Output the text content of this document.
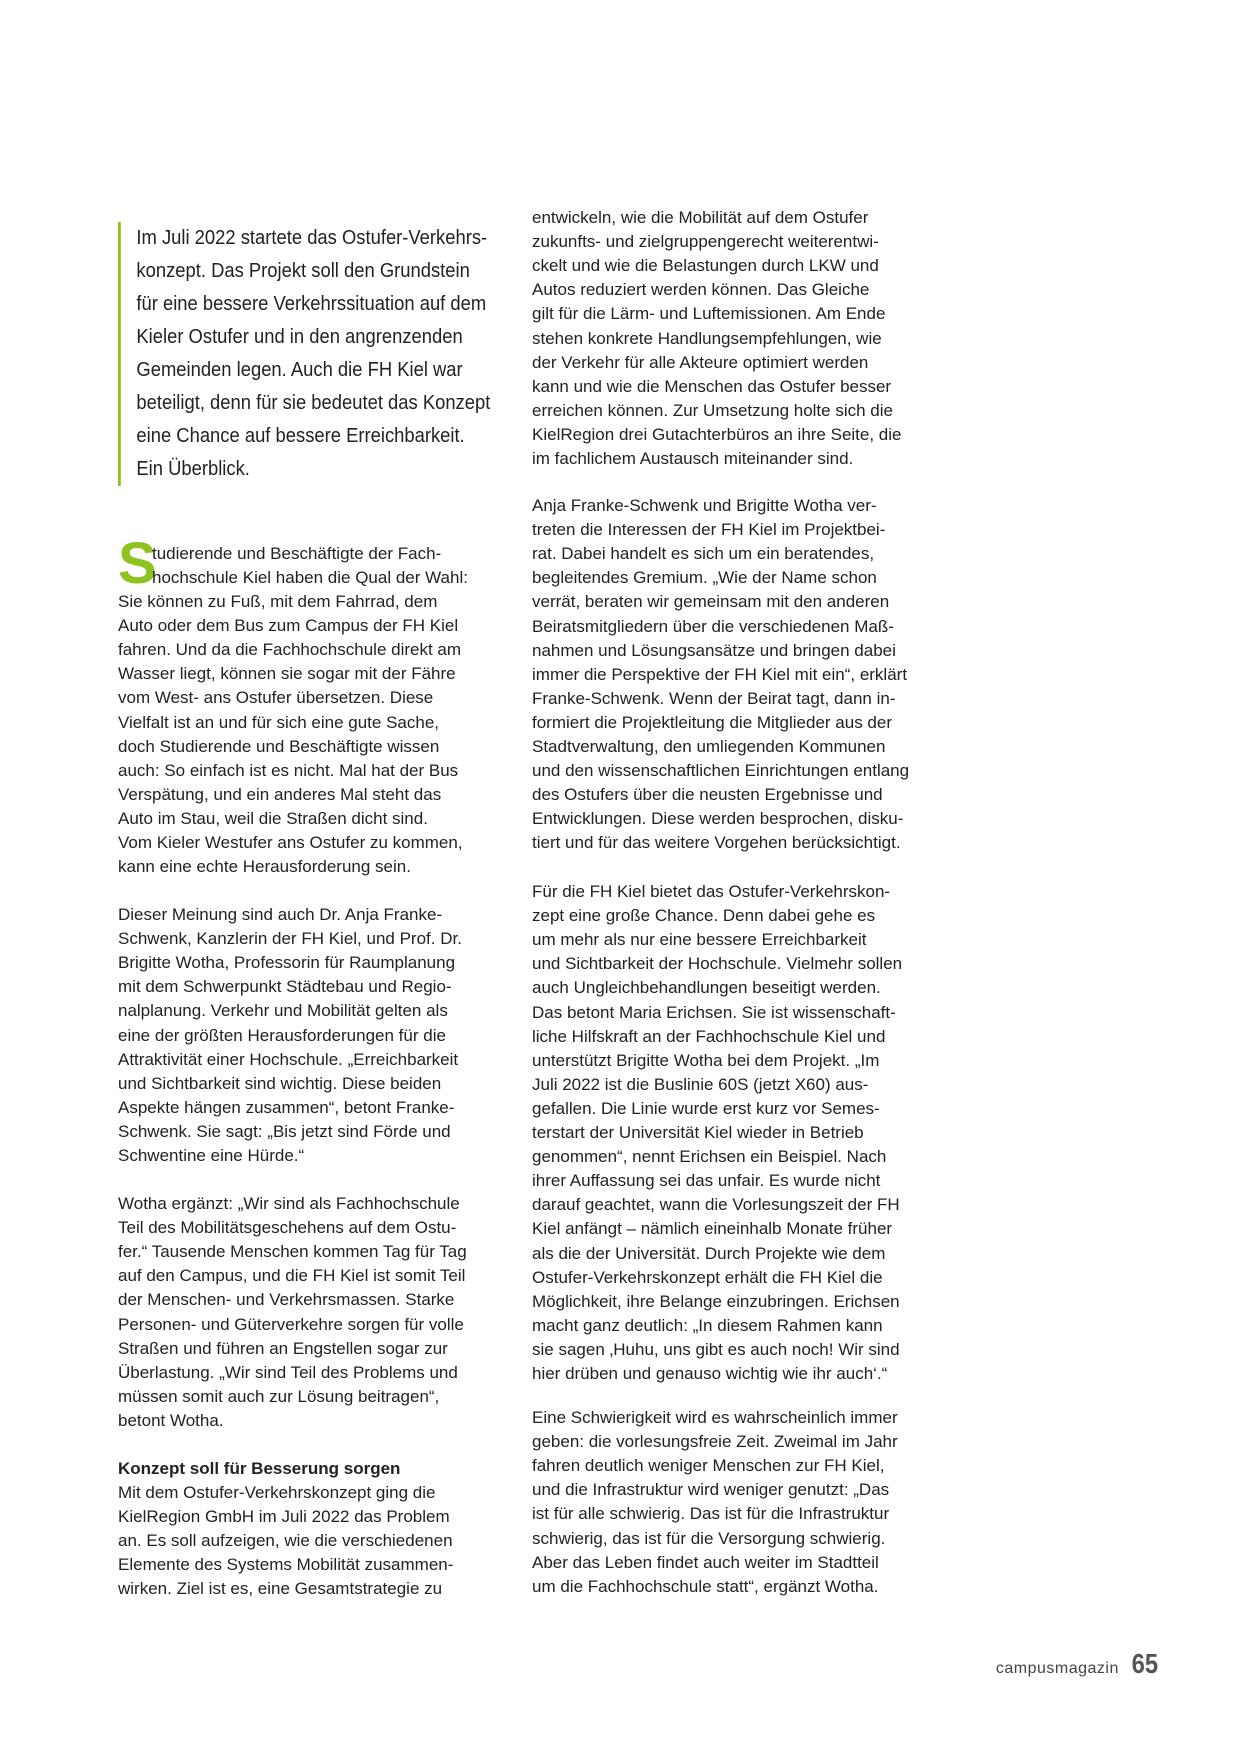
Im Juli 2022 startete das Ostufer-Verkehrs-
konzept. Das Projekt soll den Grundstein
für eine bessere Verkehrssituation auf dem
Kieler Ostufer und in den angrenzenden
Gemeinden legen. Auch die FH Kiel war
beteiligt, denn für sie bedeutet das Konzept
eine Chance auf bessere Erreichbarkeit.
Ein Überblick.
S
tudierende und Beschäftigte der Fach-
hochschule Kiel haben die Qual der Wahl:
Sie können zu Fuß, mit dem Fahrrad, dem
Auto oder dem Bus zum Campus der FH Kiel
fahren. Und da die Fachhochschule direkt am
Wasser liegt, können sie sogar mit der Fähre
vom West- ans Ostufer übersetzen. Diese
Vielfalt ist an und für sich eine gute Sache,
doch Studierende und Beschäftigte wissen
auch: So einfach ist es nicht. Mal hat der Bus
Verspätung, und ein anderes Mal steht das
Auto im Stau, weil die Straßen dicht sind.
Vom Kieler Westufer ans Ostufer zu kommen,
kann eine echte Herausforderung sein.
Dieser Meinung sind auch Dr. Anja Franke-
Schwenk, Kanzlerin der FH Kiel, und Prof. Dr.
Brigitte Wotha, Professorin für Raumplanung
mit dem Schwerpunkt Städtebau und Regio-
nalplanung. Verkehr und Mobilität gelten als
eine der größten Herausforderungen für die
Attraktivität einer Hochschule. „Erreichbarkeit
und Sichtbarkeit sind wichtig. Diese beiden
Aspekte hängen zusammen“, betont Franke-
Schwenk. Sie sagt: „Bis jetzt sind Förde und
Schwentine eine Hürde.“
Wotha ergänzt: „Wir sind als Fachhochschule
Teil des Mobilitätsgeschehens auf dem Ostu-
fer.“ Tausende Menschen kommen Tag für Tag
auf den Campus, und die FH Kiel ist somit Teil
der Menschen- und Verkehrsmassen. Starke
Personen- und Güterverkehre sorgen für volle
Straßen und führen an Engstellen sogar zur
Überlastung. „Wir sind Teil des Problems und
müssen somit auch zur Lösung beitragen“,
betont Wotha.
Konzept soll für Besserung sorgen
Mit dem Ostufer-Verkehrskonzept ging die
KielRegion GmbH im Juli 2022 das Problem
an. Es soll aufzeigen, wie die verschiedenen
Elemente des Systems Mobilität zusammen-
wirken. Ziel ist es, eine Gesamtstrategie zu
entwickeln, wie die Mobilität auf dem Ostufer
zukunfts- und zielgruppengerecht weiterentwi-
ckelt und wie die Belastungen durch LKW und
Autos reduziert werden können. Das Gleiche
gilt für die Lärm- und Luftemissionen. Am Ende
stehen konkrete Handlungsempfehlungen, wie
der Verkehr für alle Akteure optimiert werden
kann und wie die Menschen das Ostufer besser
erreichen können. Zur Umsetzung holte sich die
KielRegion drei Gutachterbüros an ihre Seite, die
im fachlichem Austausch miteinander sind.
Anja Franke-Schwenk und Brigitte Wotha ver-
treten die Interessen der FH Kiel im Projektbei-
rat. Dabei handelt es sich um ein beratendes,
begleitendes Gremium. „Wie der Name schon
verrät, beraten wir gemeinsam mit den anderen
Beiratsmitgliedern über die verschiedenen Maß-
nahmen und Lösungsansätze und bringen dabei
immer die Perspektive der FH Kiel mit ein“, erklärt
Franke-Schwenk. Wenn der Beirat tagt, dann in-
formiert die Projektleitung die Mitglieder aus der
Stadtverwaltung, den umliegenden Kommunen
und den wissenschaftlichen Einrichtungen entlang
des Ostufers über die neusten Ergebnisse und
Entwicklungen. Diese werden besprochen, disku-
tiert und für das weitere Vorgehen berücksichtigt.
Für die FH Kiel bietet das Ostufer-Verkehrskon-
zept eine große Chance. Denn dabei gehe es
um mehr als nur eine bessere Erreichbarkeit
und Sichtbarkeit der Hochschule. Vielmehr sollen
auch Ungleichbehandlungen beseitigt werden.
Das betont Maria Erichsen. Sie ist wissenschaft-
liche Hilfskraft an der Fachhochschule Kiel und
unterstützt Brigitte Wotha bei dem Projekt. „Im
Juli 2022 ist die Buslinie 60S (jetzt X60) aus-
gefallen. Die Linie wurde erst kurz vor Semes-
terstart der Universität Kiel wieder in Betrieb
genommen“, nennt Erichsen ein Beispiel. Nach
ihrer Auffassung sei das unfair. Es wurde nicht
darauf geachtet, wann die Vorlesungszeit der FH
Kiel anfängt – nämlich eineinhalb Monate früher
als die der Universität. Durch Projekte wie dem
Ostufer-Verkehrskonzept erhält die FH Kiel die
Möglichkeit, ihre Belange einzubringen. Erichsen
macht ganz deutlich: „In diesem Rahmen kann
sie sagen ‚Huhu, uns gibt es auch noch! Wir sind
hier drüben und genauso wichtig wie ihr auch‘.“
Eine Schwierigkeit wird es wahrscheinlich immer
geben: die vorlesungsfreie Zeit. Zweimal im Jahr
fahren deutlich weniger Menschen zur FH Kiel,
und die Infrastruktur wird weniger genutzt: „Das
ist für alle schwierig. Das ist für die Infrastruktur
schwierig, das ist für die Versorgung schwierig.
Aber das Leben findet auch weiter im Stadtteil
um die Fachhochschule statt“, ergänzt Wotha.
campusmagazin 65
